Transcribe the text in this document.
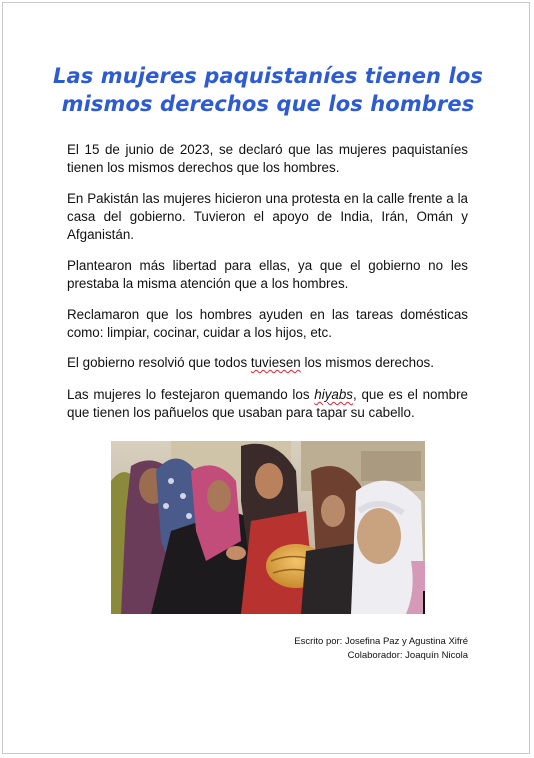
Las mujeres paquistaníes tienen los
mismos derechos que los hombres

El 15 de junio de 2023, se declaró que las mujeres paquistaníes tienen los mismos derechos que los hombres.

En Pakistán las mujeres hicieron una protesta en la calle frente a la casa del gobierno. Tuvieron el apoyo de India, Irán, Omán y Afganistán.

Plantearon más libertad para ellas, ya que el gobierno no les prestaba la misma atención que a los hombres.

Reclamaron que los hombres ayuden en las tareas domésticas como: limpiar, cocinar, cuidar a los hijos, etc.

El gobierno resolvió que todos tuviesen los mismos derechos.

Las mujeres lo festejaron quemando los hiyabs, que es el nombre que tienen los pañuelos que usaban para tapar su cabello.

Escrito por: Josefina Paz y Agustina Xifré
Colaborador: Joaquín Nicola
